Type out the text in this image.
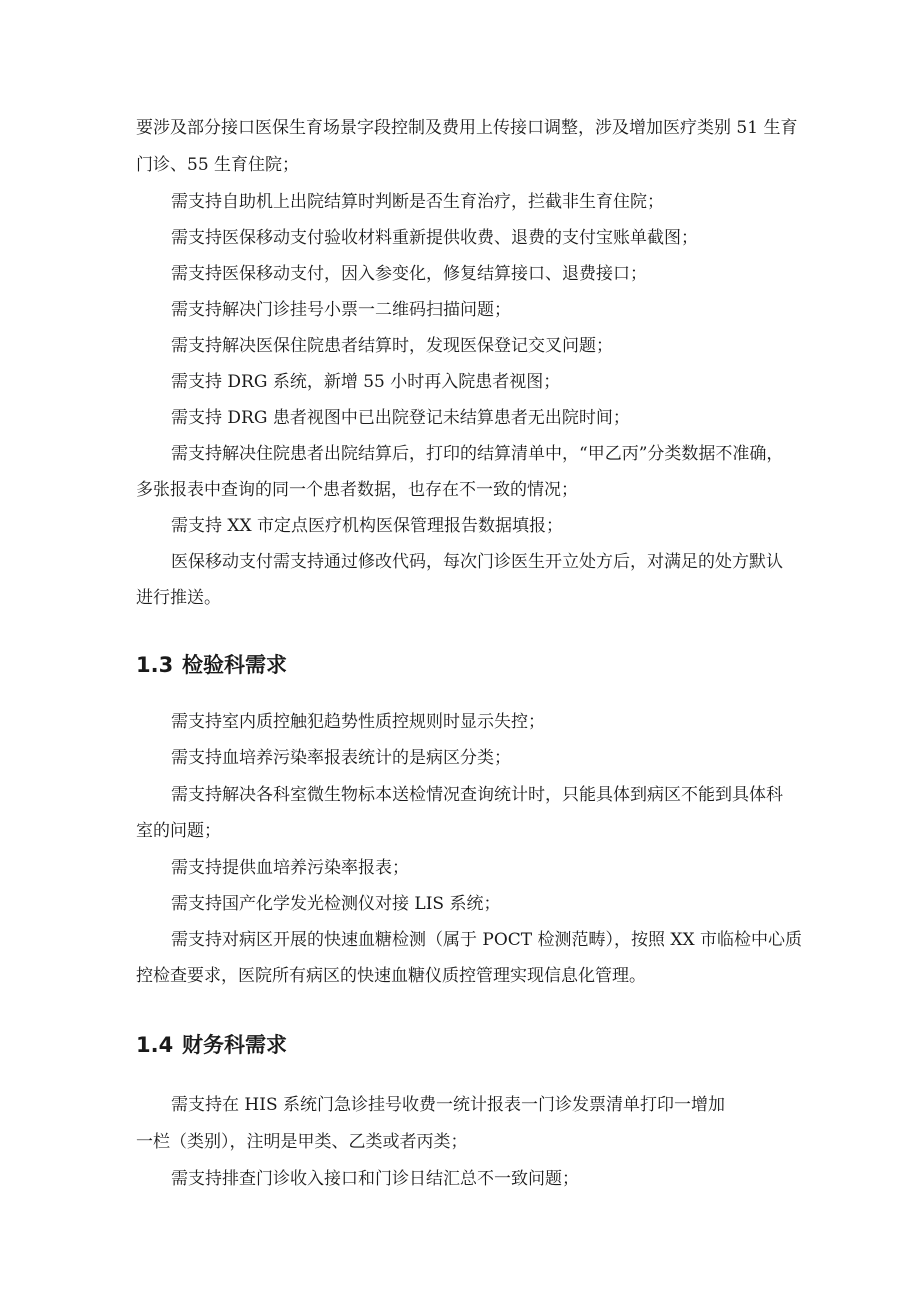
要涉及部分接口医保生育场景字段控制及费用上传接口调整，涉及增加医疗类别 51 生育

门诊、55 生育住院；

需支持自助机上出院结算时判断是否生育治疗，拦截非生育住院；

需支持医保移动支付验收材料重新提供收费、退费的支付宝账单截图；

需支持医保移动支付，因入参变化，修复结算接口、退费接口；

需支持解决门诊挂号小票一二维码扫描问题；

需支持解决医保住院患者结算时，发现医保登记交叉问题；

需支持 DRG 系统，新增 55 小时再入院患者视图；

需支持 DRG 患者视图中已出院登记未结算患者无出院时间；

需支持解决住院患者出院结算后，打印的结算清单中，“甲乙丙”分类数据不准确，

多张报表中查询的同一个患者数据，也存在不一致的情况；

需支持 XX 市定点医疗机构医保管理报告数据填报；

医保移动支付需支持通过修改代码，每次门诊医生开立处方后，对满足的处方默认

进行推送。

1.3 检验科需求

需支持室内质控触犯趋势性质控规则时显示失控；

需支持血培养污染率报表统计的是病区分类；

需支持解决各科室微生物标本送检情况查询统计时，只能具体到病区不能到具体科

室的问题；

需支持提供血培养污染率报表；

需支持国产化学发光检测仪对接 LIS 系统；

需支持对病区开展的快速血糖检测（属于 POCT 检测范畴），按照 XX 市临检中心质

控检查要求，医院所有病区的快速血糖仪质控管理实现信息化管理。

1.4 财务科需求

需支持在 HIS 系统门急诊挂号收费一统计报表一门诊发票清单打印一增加

一栏（类别），注明是甲类、乙类或者丙类；

需支持排查门诊收入接口和门诊日结汇总不一致问题；
